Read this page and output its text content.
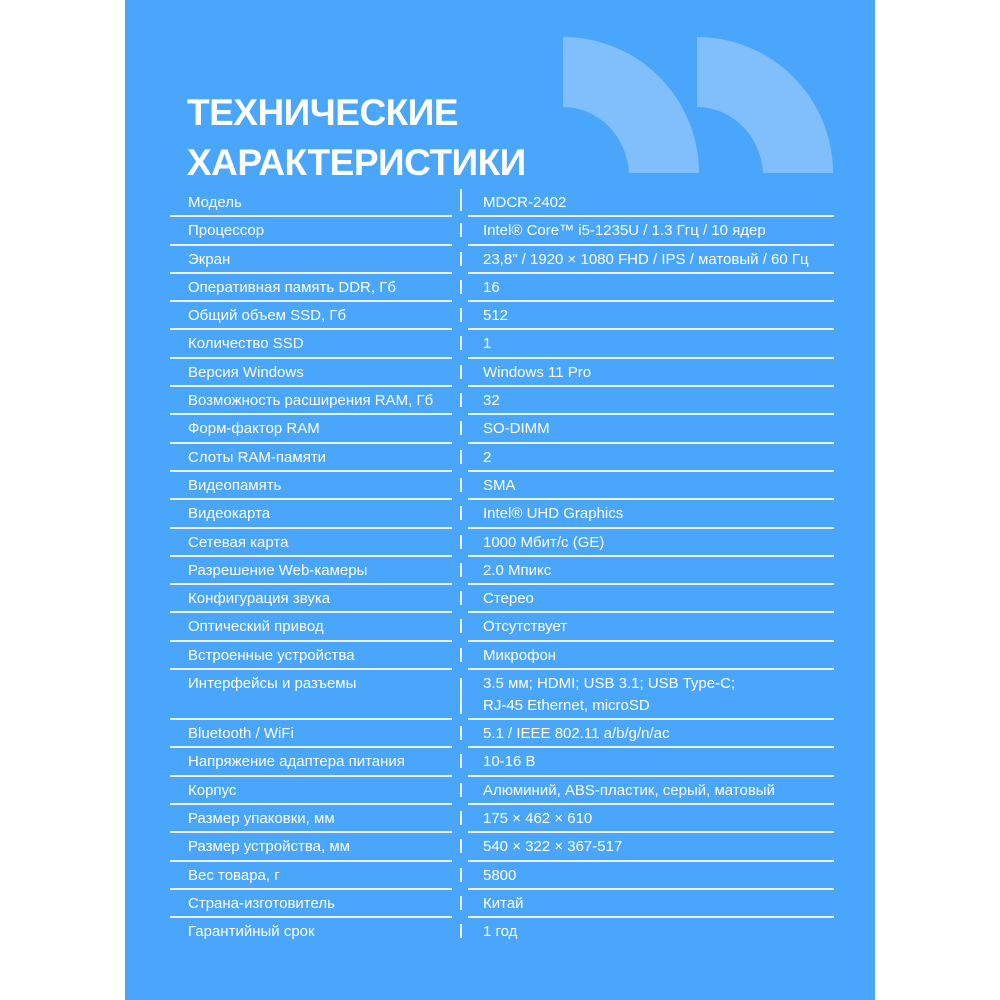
ТЕХНИЧЕСКИЕ
ХАРАКТЕРИСТИКИ
Модель	MDCR-2402
Процессор	Intel® Core™ i5-1235U / 1.3 Ггц / 10 ядер
Экран	23,8" / 1920 × 1080 FHD / IPS / матовый / 60 Гц
Оперативная память DDR, Гб	16
Общий объем SSD, Гб	512
Количество SSD	1
Версия Windows	Windows 11 Pro
Возможность расширения RAM, Гб	32
Форм-фактор RAM	SO-DIMM
Слоты RAM-памяти	2
Видеопамять	SMA
Видеокарта	Intel® UHD Graphics
Сетевая карта	1000 Мбит/с (GE)
Разрешение Web-камеры	2.0 Мпикс
Конфигурация звука	Стерео
Оптический привод	Отсутствует
Встроенные устройства	Микрофон
Интерфейсы и разъемы	3.5 мм; HDMI; USB 3.1; USB Type-C;
RJ-45 Ethernet, microSD
Bluetooth / WiFi	5.1 / IEEE 802.11 a/b/g/n/ac
Напряжение адаптера питания	10-16 В
Корпус	Алюминий, ABS-пластик, серый, матовый
Размер упаковки, мм	175 × 462 × 610
Размер устройства, мм	540 × 322 × 367-517
Вес товара, г	5800
Страна-изготовитель	Китай
Гарантийный срок	1 год
